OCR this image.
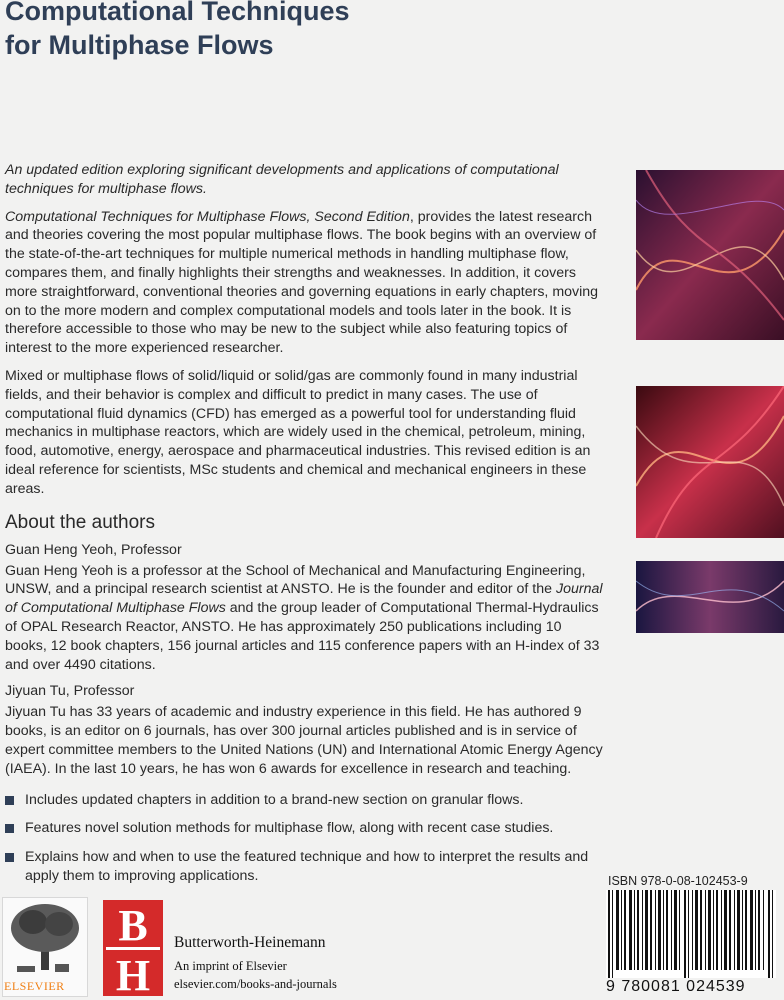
Computational Techniques
for Multiphase Flows

An updated edition exploring significant developments and applications of computational techniques for multiphase flows.

Computational Techniques for Multiphase Flows, Second Edition, provides the latest research and theories covering the most popular multiphase flows. The book begins with an overview of the state-of-the-art techniques for multiple numerical methods in handling multiphase flow, compares them, and finally highlights their strengths and weaknesses. In addition, it covers more straightforward, conventional theories and governing equations in early chapters, moving on to the more modern and complex computational models and tools later in the book. It is therefore accessible to those who may be new to the subject while also featuring topics of interest to the more experienced researcher.

Mixed or multiphase flows of solid/liquid or solid/gas are commonly found in many industrial fields, and their behavior is complex and difficult to predict in many cases. The use of computational fluid dynamics (CFD) has emerged as a powerful tool for understanding fluid mechanics in multiphase reactors, which are widely used in the chemical, petroleum, mining, food, automotive, energy, aerospace and pharmaceutical industries. This revised edition is an ideal reference for scientists, MSc students and chemical and mechanical engineers in these areas.

About the authors

Guan Heng Yeoh, Professor

Guan Heng Yeoh is a professor at the School of Mechanical and Manufacturing Engineering, UNSW, and a principal research scientist at ANSTO. He is the founder and editor of the Journal of Computational Multiphase Flows and the group leader of Computational Thermal-Hydraulics of OPAL Research Reactor, ANSTO. He has approximately 250 publications including 10 books, 12 book chapters, 156 journal articles and 115 conference papers with an H-index of 33 and over 4490 citations.

Jiyuan Tu, Professor

Jiyuan Tu has 33 years of academic and industry experience in this field. He has authored 9 books, is an editor on 6 journals, has over 300 journal articles published and is in service of expert committee members to the United Nations (UN) and International Atomic Energy Agency (IAEA). In the last 10 years, he has won 6 awards for excellence in research and teaching.

Includes updated chapters in addition to a brand-new section on granular flows.
Features novel solution methods for multiphase flow, along with recent case studies.
Explains how and when to use the featured technique and how to interpret the results and apply them to improving applications.	ISBN 978-0-08-102453-9
9 780081 024539
ELSEVIER
B
H
Butterworth-Heinemann
An imprint of Elsevier
elsevier.com/books-and-journals
